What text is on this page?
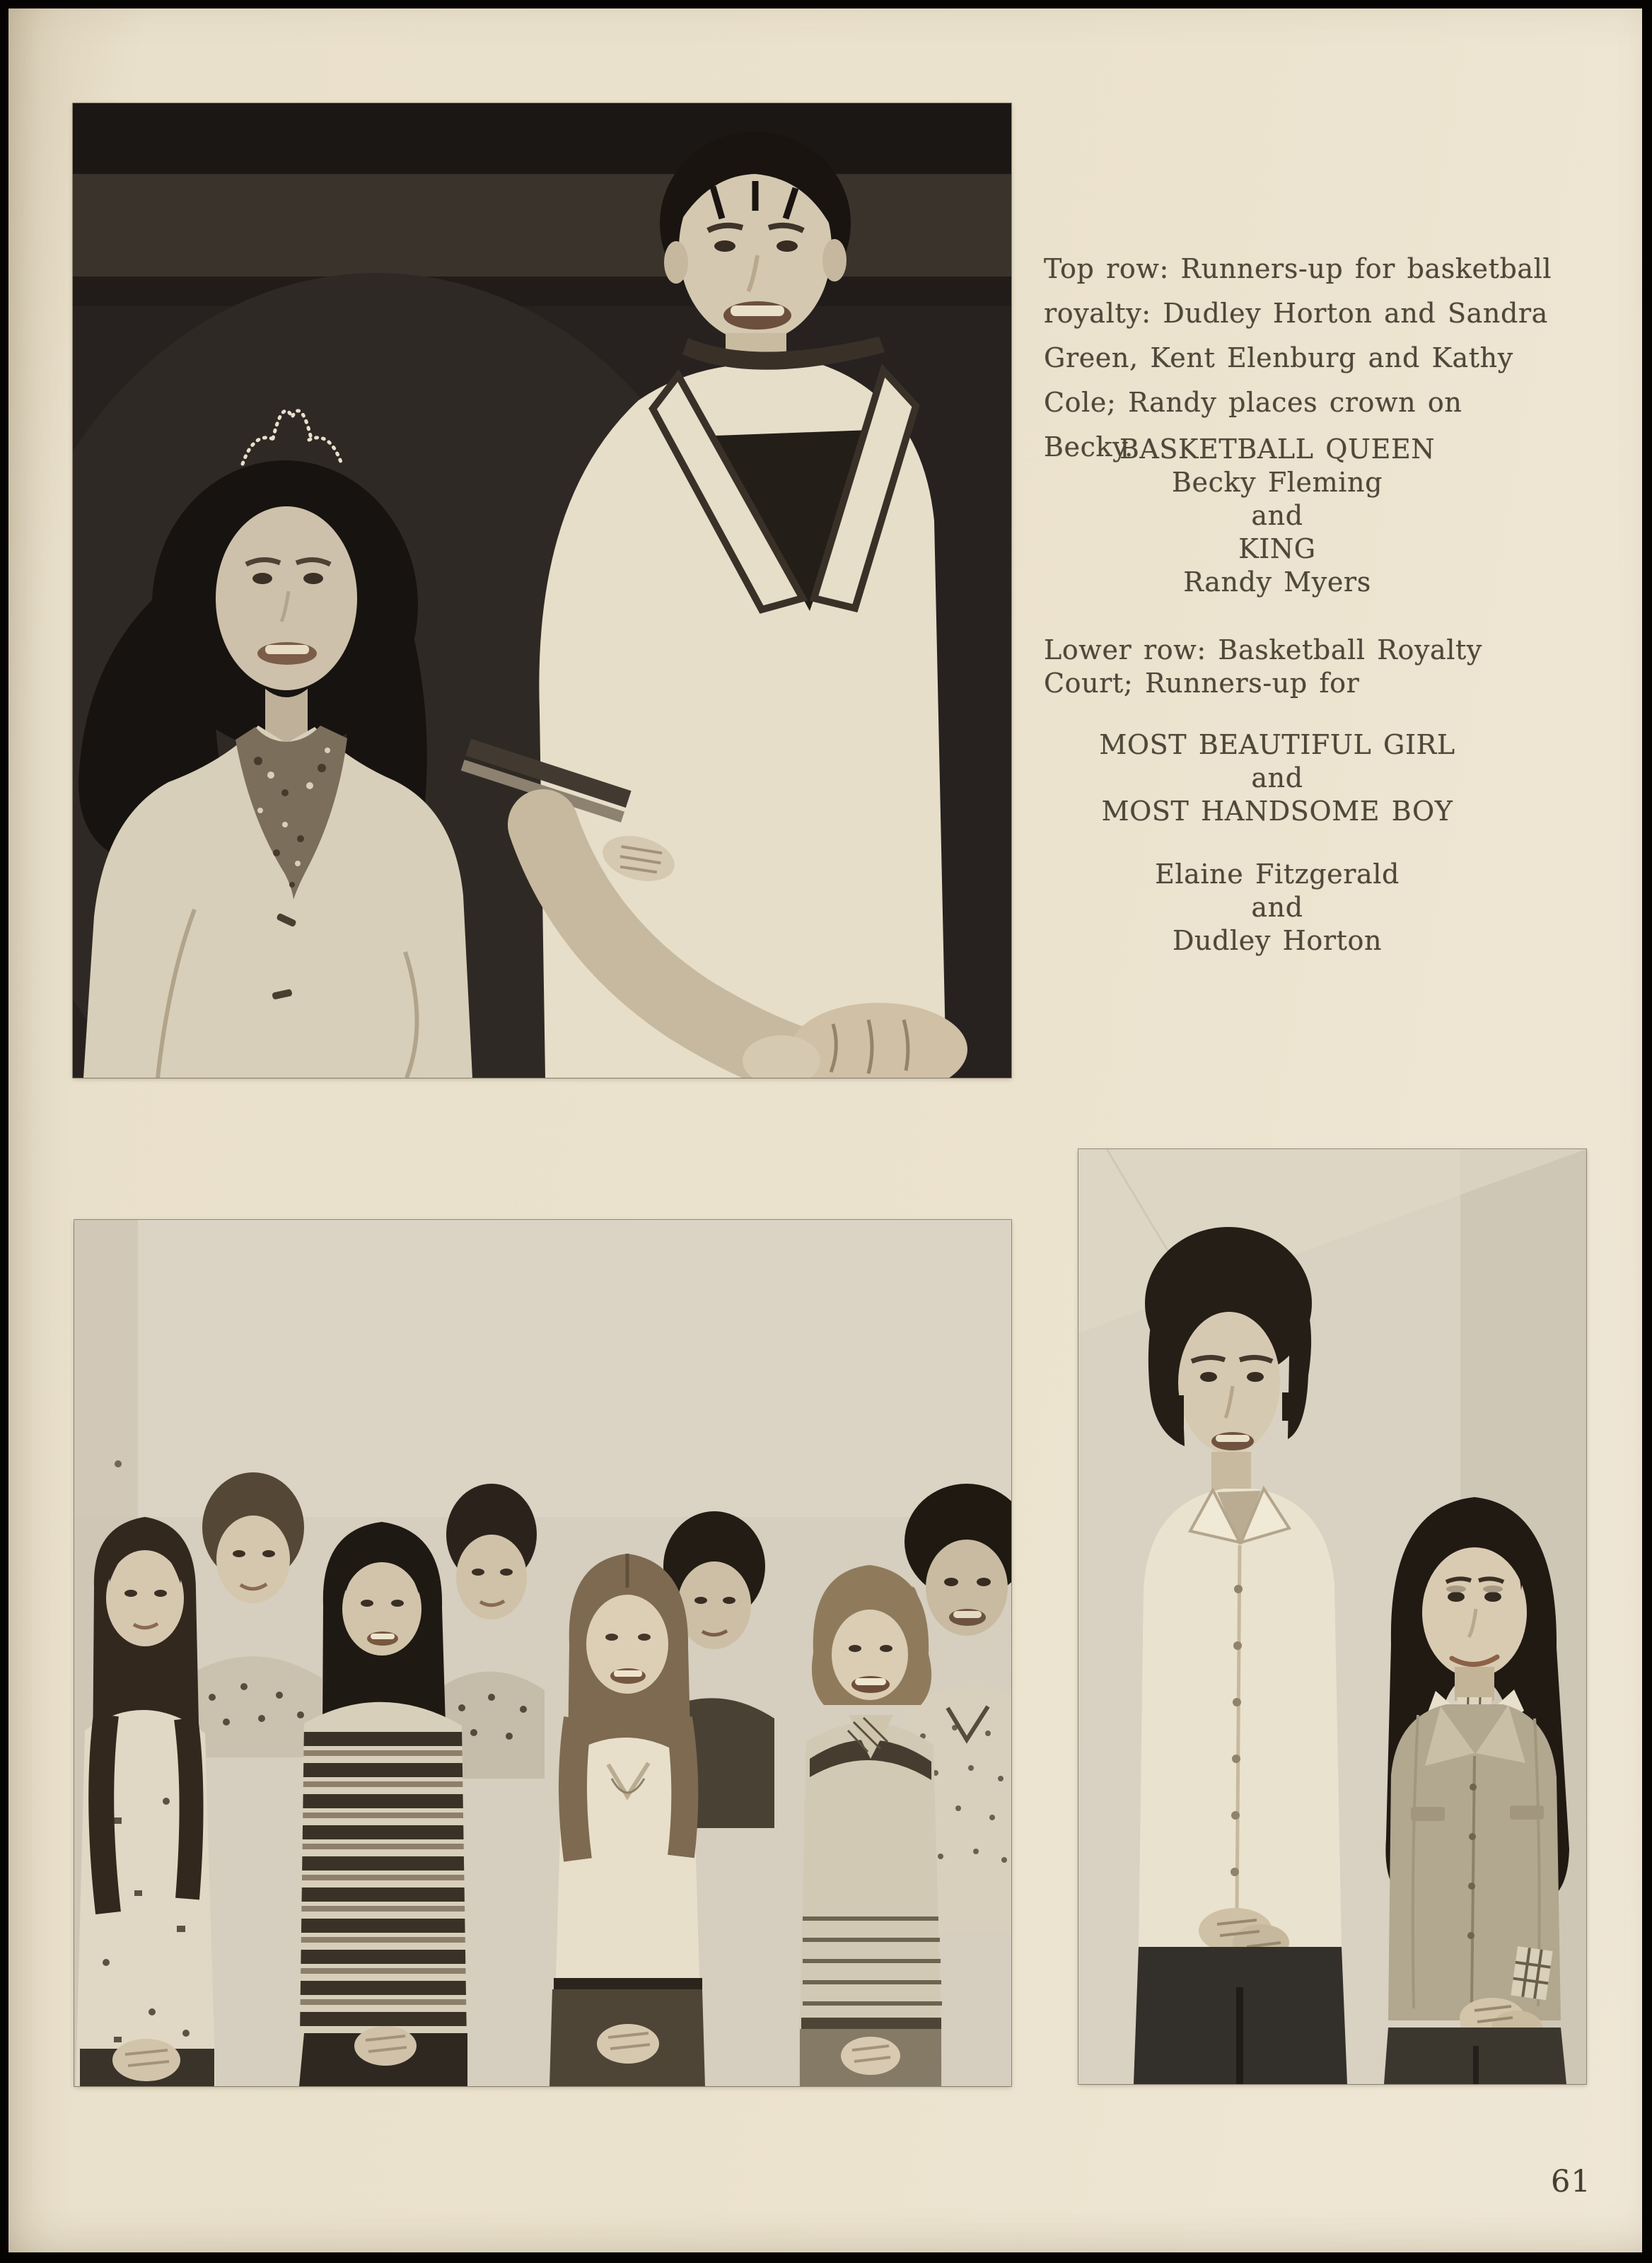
Top row: Runners-up for basketball
royalty: Dudley Horton and Sandra
Green, Kent Elenburg and Kathy
Cole; Randy places crown on Becky.
BASKETBALL QUEEN
Becky Fleming
and
KING
Randy Myers
Lower row: Basketball Royalty
Court; Runners-up for
MOST BEAUTIFUL GIRL
and
MOST HANDSOME BOY
Elaine Fitzgerald
and
Dudley Horton
61
